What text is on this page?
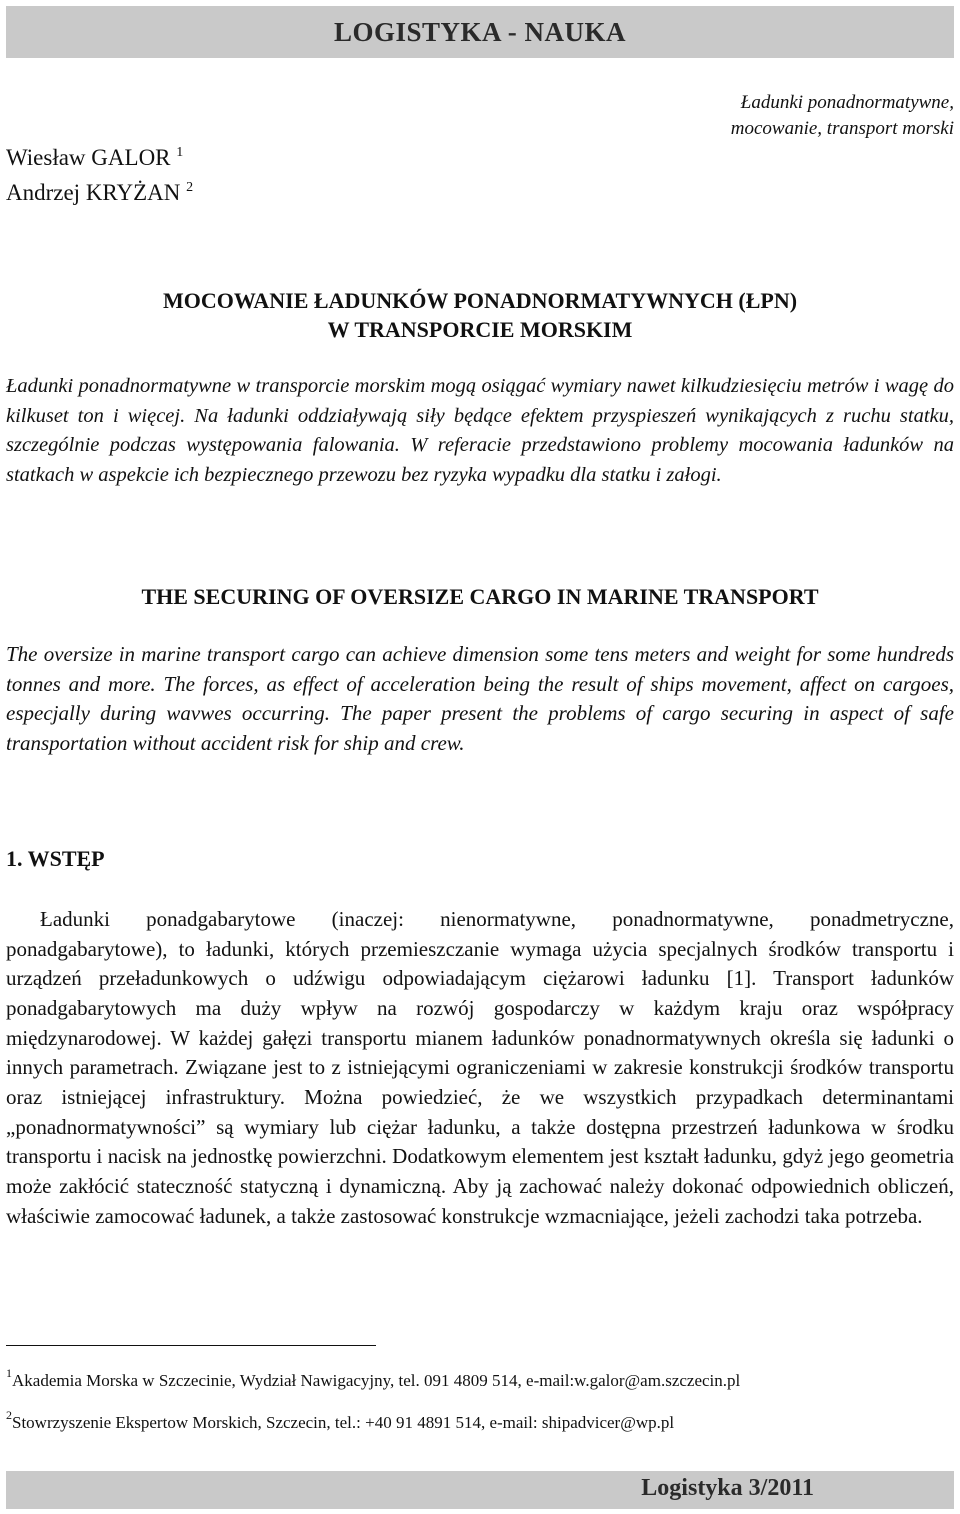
LOGISTYKA - NAUKA
Ładunki ponadnormatywne,
mocowanie, transport morski
Wiesław GALOR $^1$
Andrzej KRYŻAN $^2$
MOCOWANIE ŁADUNKÓW PONADNORMATYWNYCH (ŁPN)
W TRANSPORCIE MORSKIM

Ładunki ponadnormatywne w transporcie morskim mogą osiągać wymiary nawet kilkudziesięciu metrów i wagę do kilkuset ton i więcej. Na ładunki oddziaływają siły będące efektem przyspieszeń wynikających z ruchu statku, szczególnie podczas występowania falowania. W referacie przedstawiono problemy mocowania ładunków na statkach w aspekcie ich bezpiecznego przewozu bez ryzyka wypadku dla statku i załogi.

THE SECURING OF OVERSIZE CARGO IN MARINE TRANSPORT

The oversize in marine transport cargo can achieve dimension some tens meters and weight for some hundreds tonnes and more. The forces, as effect of acceleration being the result of ships movement, affect on cargoes, especjally during wavwes occurring. The paper present the problems of cargo securing in aspect of safe transportation without accident risk for ship and crew.

1. WSTĘP

Ładunki ponadgabarytowe (inaczej: nienormatywne, ponadnormatywne, ponadmetryczne, ponadgabarytowe), to ładunki, których przemieszczanie wymaga użycia specjalnych środków transportu i urządzeń przeładunkowych o udźwigu odpowiadającym ciężarowi ładunku [1]. Transport ładunków ponadgabarytowych ma duży wpływ na rozwój gospodarczy w każdym kraju oraz współpracy międzynarodowej. W każdej gałęzi transportu mianem ładunków ponadnormatywnych określa się ładunki o innych parametrach. Związane jest to z istniejącymi ograniczeniami w zakresie konstrukcji środków transportu oraz istniejącej infrastruktury. Można powiedzieć, że we wszystkich przypadkach determinantami „ponadnormatywności” są wymiary lub ciężar ładunku, a także dostępna przestrzeń ładunkowa w środku transportu i nacisk na jednostkę powierzchni. Dodatkowym elementem jest kształt ładunku, gdyż jego geometria może zakłócić stateczność statyczną i dynamiczną. Aby ją zachować należy dokonać odpowiednich obliczeń, właściwie zamocować ładunek, a także zastosować konstrukcje wzmacniające, jeżeli zachodzi taka potrzeba.

$^1$Akademia Morska w Szczecinie, Wydział Nawigacyjny, tel. 091 4809 514, e-mail:w.galor@am.szczecin.pl
$^2$Stowrzyszenie Ekspertow Morskich, Szczecin, tel.: +40 91 4891 514, e-mail: shipadvicer@wp.pl
Logistyka 3/2011
